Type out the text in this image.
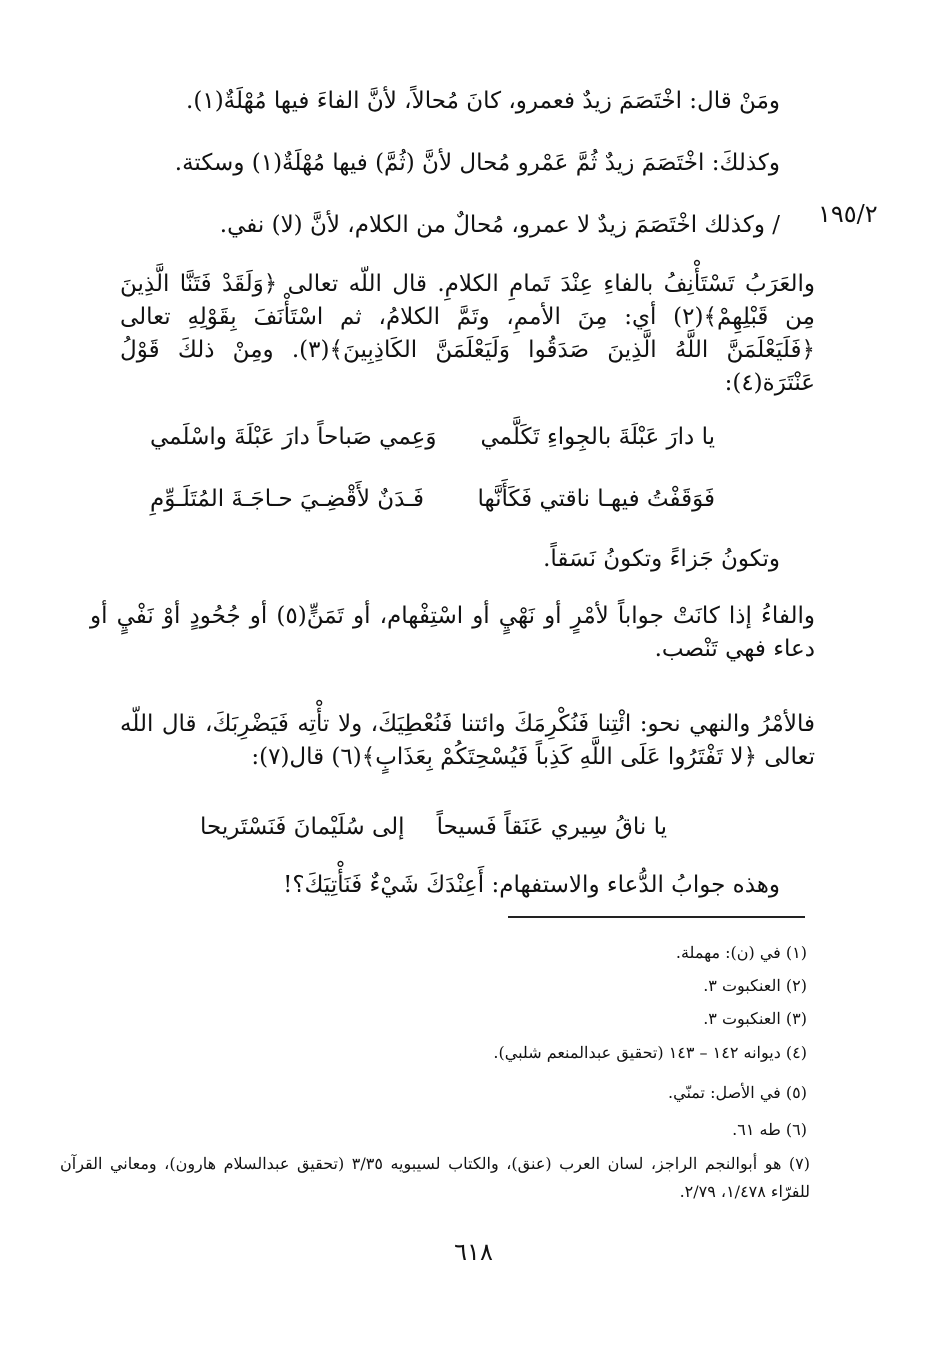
ومَنْ قال: اخْتَصَمَ زيدٌ فعمرو، كانَ مُحالاً، لأنَّ الفاءَ فيها مُهْلَةٌ(١).
وكذلكَ: اخْتَصَمَ زيدٌ ثُمَّ عَمْرو مُحال لأنَّ (ثُمَّ) فيها مُهْلَةٌ(١) وسكتة.
١٩٥/٢
/ وكذلك اخْتَصَمَ زيدٌ لا عمرو، مُحالٌ من الكلام، لأنَّ (لا) نفي.
والعَرَبُ تَسْتَأْنِفُ بالفاءِ عِنْدَ تَمامِ الكلامِ. قال اللّه تعالى ﴿وَلَقَدْ فَتَنَّا الَّذِينَ مِن قَبْلِهِمْ﴾(٢) أي: مِنَ الأممِ، وتَمَّ الكلامُ، ثم اسْتَأْنَفَ بِقَوْلِهِ تعالى ﴿فَلَيَعْلَمَنَّ اللَّهُ الَّذِينَ صَدَقُوا وَلَيَعْلَمَنَّ الكَاذِبِينَ﴾(٣). ومِنْ ذلكَ قَوْلُ عَنْتَرَة(٤):
يا دارَ عَبْلَةَ بالجِواءِ تَكَلَّمي
وَعِمي صَباحاً دارَ عَبْلَةَ واسْلَمي
فَوَقَفْتُ فيهـا ناقتي فَكَأَنَّها
فَـدَنٌ لأَقْضِـيَ حـاجَـةَ المُتَلَـوِّمِ
وتكونُ جَزاءً وتكونُ نَسَقاً.
والفاءُ إذا كانَتْ جواباً لأمْرٍ أو نَهْيٍ أو اسْتِفْهام، أو تَمَنٍّ(٥) أو جُحُودٍ أوْ نَفْيٍ أو دعاء فهي تَنْصب.
فالأمْرُ والنهي نحو: ائْتِنا فَنُكْرِمَكَ وائتنا فَنُعْطِيَكَ، ولا تأْتِه فَيَضْرِبَكَ، قال اللّه تعالى ﴿لا تَفْتَرُوا عَلَى اللَّهِ كَذِباً فَيُسْحِتَكُمْ بِعَذَابٍ﴾(٦) قال(٧):
يا ناقُ سِيري عَنَقاً فَسيحاً
إلى سُلَيْمانَ فَنَسْتَريحا
وهذه جوابُ الدُّعاء والاستفهام: أَعِنْدَكَ شَيْءٌ فَنَأْتِيَكَ؟!
(١) في (ن): مهملة.
(٢) العنكبوت ٣.
(٣) العنكبوت ٣.
(٤) ديوانه ١٤٢ – ١٤٣ (تحقيق عبدالمنعم شلبي).
(٥) في الأصل: تمنّي.
(٦) طه ٦١.
(٧) هو أبوالنجم الراجز، لسان العرب (عنق)، والكتاب لسيبويه ٣/٣٥ (تحقيق عبدالسلام هارون)، ومعاني القرآن للفرّاء ١/٤٧٨، ٢/٧٩.
٦١٨
